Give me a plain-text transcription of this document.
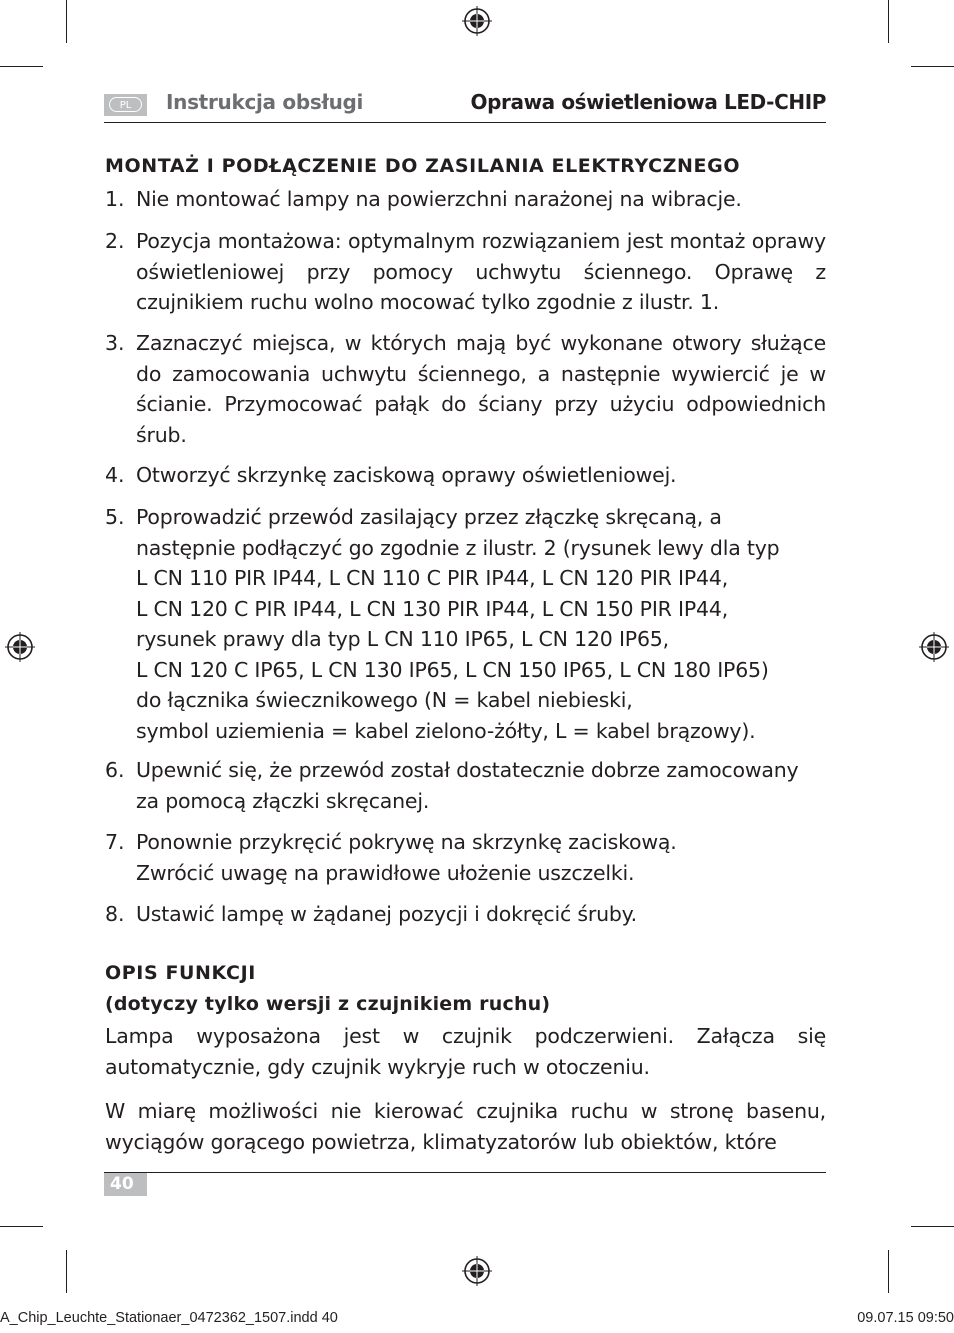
PL	Instrukcja obsługi	Oprawa oświetleniowa LED-CHIP
MONTAŻ I PODŁĄCZENIE DO ZASILANIA ELEKTRYCZNEGO
1. Nie montować lampy na powierzchni narażonej na wibracje.
2. Pozycja montażowa: optymalnym rozwiązaniem jest montaż oprawy oświetleniowej przy pomocy uchwytu ściennego. Oprawę z czujnikiem ruchu wolno mocować tylko zgodnie z ilustr. 1.
3. Zaznaczyć miejsca, w których mają być wykonane otwory służące do zamocowania uchwytu ściennego, a następnie wywiercić je w ścianie. Przymocować pałąk do ściany przy użyciu odpowiednich śrub.
4. Otworzyć skrzynkę zaciskową oprawy oświetleniowej.
5. Poprowadzić przewód zasilający przez złączkę skręcaną, a
następnie podłączyć go zgodnie z ilustr. 2 (rysunek lewy dla typ
L CN 110 PIR IP44, L CN 110 C PIR IP44, L CN 120 PIR IP44,
L CN 120 C PIR IP44, L CN 130 PIR IP44, L CN 150 PIR IP44,
rysunek prawy dla typ L CN 110 IP65, L CN 120 IP65,
L CN 120 C IP65, L CN 130 IP65, L CN 150 IP65, L CN 180 IP65)
do łącznika świecznikowego (N = kabel niebieski,
symbol uziemienia = kabel zielono-żółty, L = kabel brązowy).
6. Upewnić się, że przewód został dostatecznie dobrze zamocowany
za pomocą złączki skręcanej.
7. Ponownie przykręcić pokrywę na skrzynkę zaciskową.
Zwrócić uwagę na prawidłowe ułożenie uszczelki.
8. Ustawić lampę w żądanej pozycji i dokręcić śruby.
OPIS FUNKCJI
(dotyczy tylko wersji z czujnikiem ruchu)
Lampa wyposażona jest w czujnik podczerwieni. Załącza się automatycznie, gdy czujnik wykryje ruch w otoczeniu.
W miarę możliwości nie kierować czujnika ruchu w stronę basenu, wyciągów gorącego powietrza, klimatyzatorów lub obiektów, które
40
A_Chip_Leuchte_Stationaer_0472362_1507.indd 40	09.07.15 09:50
